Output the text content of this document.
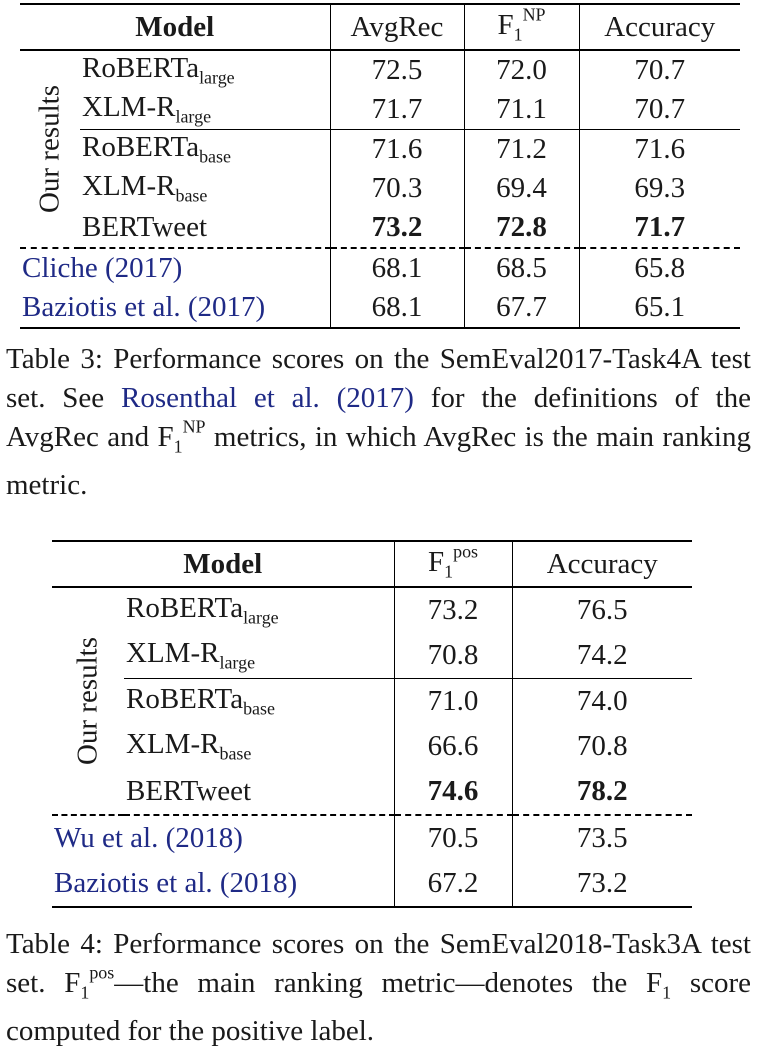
Model		AvgRec	$F_1^{NP}$	Accuracy

Our results	RoBERTa$_{large}$	72.5	72.0	70.7
	XLM-$R_{large}$	71.7	71.1	70.7
	RoBERTa$_{base}$	71.6	71.2	71.6
	XLM-$R_{base}$	70.3	69.4	69.3
	BERTweet	73.2	72.8	71.7
Cliche (2017)		68.1	68.5	65.8
Baziotis et al. (2017)		68.1	67.7	65.1

Table 3: Performance scores on the SemEval2017-Task4A test set. See Rosenthal et al. (2017) for the definitions of the AvgRec and $F_1^{NP}$ metrics, in which AvgRec is the main ranking metric.

Model		$F_1^{pos}$	Accuracy

Our results	RoBERTa$_{large}$	73.2	76.5
	XLM-$R_{large}$	70.8	74.2
	RoBERTa$_{base}$	71.0	74.0
	XLM-$R_{base}$	66.6	70.8
	BERTweet	74.6	78.2
Wu et al. (2018)		70.5	73.5
Baziotis et al. (2018)		67.2	73.2

Table 4: Performance scores on the SemEval2018-Task3A test set. $F_1^{pos}—the$ main ranking metric—denotes the $F_1$ score computed for the positive label.
